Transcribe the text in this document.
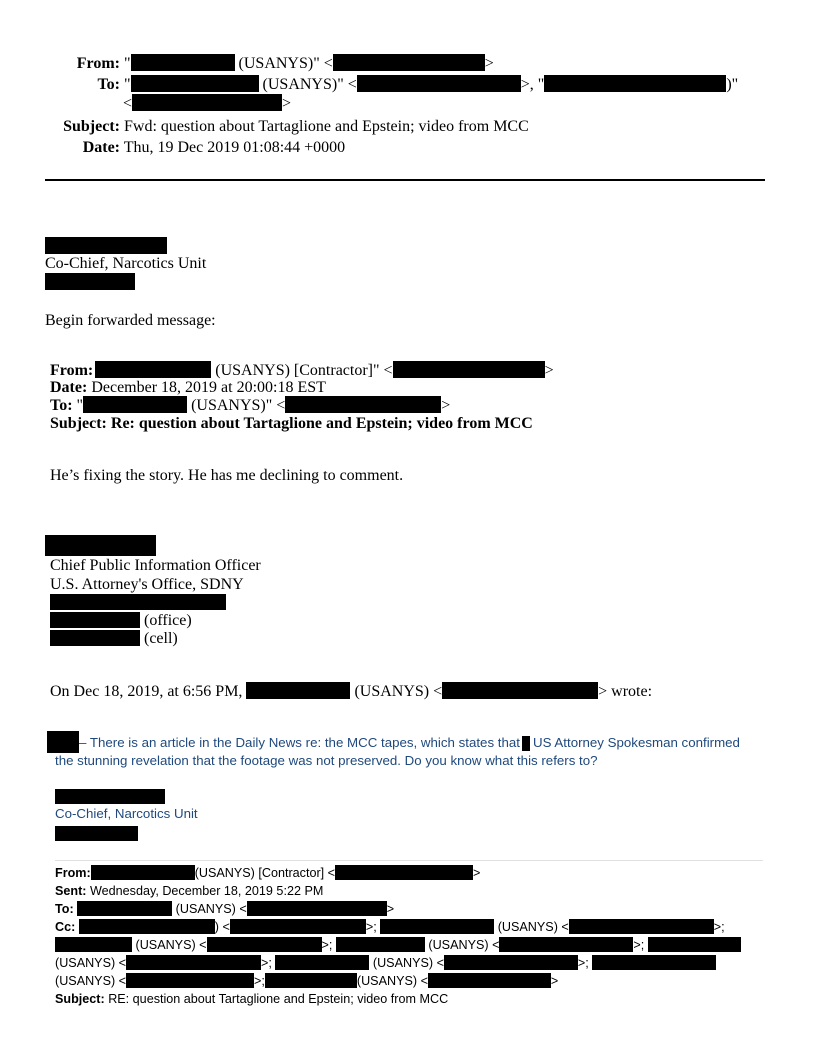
From: "	(USANYS)" <	>
To: "	(USANYS)" <	>, "	)"
<	>
Subject: Fwd: question about Tartaglione and Epstein; video from MCC
Date: Thu, 19 Dec 2019 01:08:44 +0000
Co-Chief, Narcotics Unit
Begin forwarded message:
From:	(USANYS) [Contractor]" <	>
Date: December 18, 2019 at 20:00:18 EST
To: "	(USANYS)" <	>
Subject: Re: question about Tartaglione and Epstein; video from MCC
He’s fixing the story. He has me declining to comment.
Chief Public Information Officer
U.S. Attorney's Office, SDNY
(office)
(cell)
On Dec 18, 2019, at 6:56 PM,	(USANYS) <	> wrote:
– There is an article in the Daily News re: the MCC tapes, which states that US Attorney Spokesman confirmed
the stunning revelation that the footage was not preserved. Do you know what this refers to?
Co-Chief, Narcotics Unit
From:	(USANYS) [Contractor] <	>
Sent: Wednesday, December 18, 2019 5:22 PM
To:	(USANYS) <	>
Cc:	) <	>;	(USANYS) <	>;
(USANYS) <	>;	(USANYS) <	>;
(USANYS) <	>;	(USANYS) <	>;
(USANYS) <	>;	(USANYS) <	>
Subject: RE: question about Tartaglione and Epstein; video from MCC
